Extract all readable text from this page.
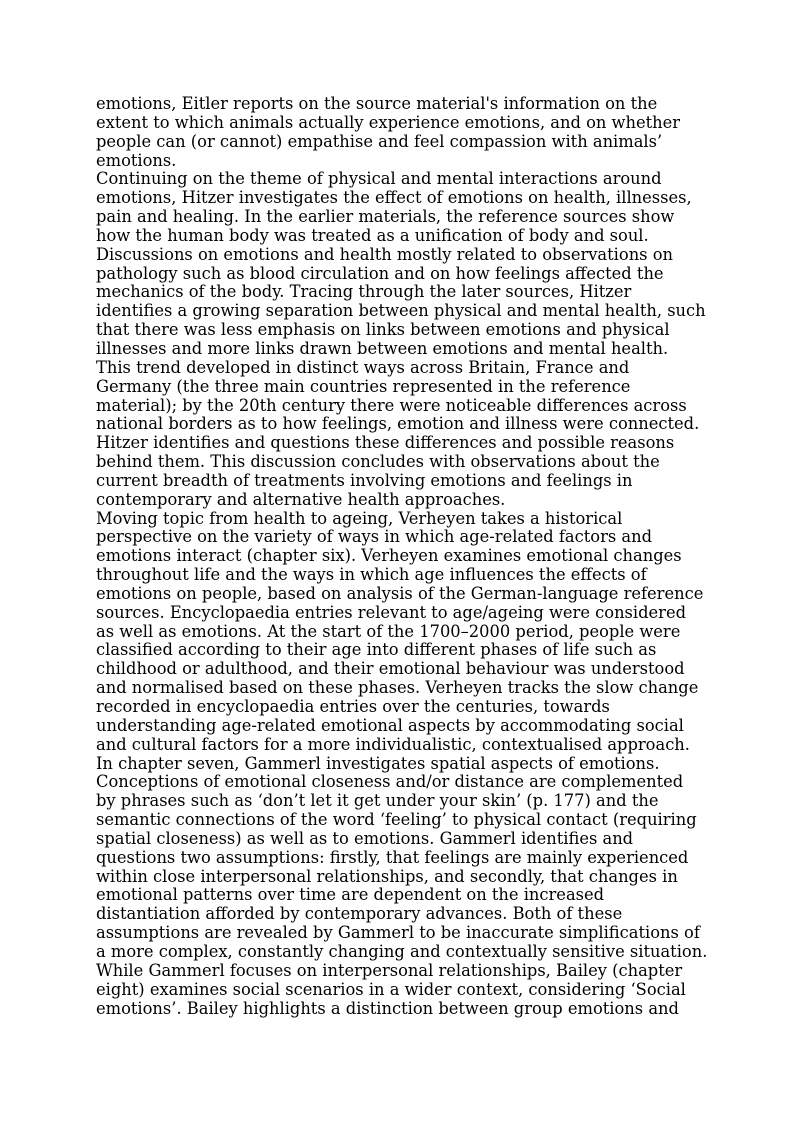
emotions, Eitler reports on the source material's information on the
extent to which animals actually experience emotions, and on whether
people can (or cannot) empathise and feel compassion with animals’
emotions.
Continuing on the theme of physical and mental interactions around
emotions, Hitzer investigates the effect of emotions on health, illnesses,
pain and healing. In the earlier materials, the reference sources show
how the human body was treated as a unification of body and soul.
Discussions on emotions and health mostly related to observations on
pathology such as blood circulation and on how feelings affected the
mechanics of the body. Tracing through the later sources, Hitzer
identifies a growing separation between physical and mental health, such
that there was less emphasis on links between emotions and physical
illnesses and more links drawn between emotions and mental health.
This trend developed in distinct ways across Britain, France and
Germany (the three main countries represented in the reference
material); by the 20th century there were noticeable differences across
national borders as to how feelings, emotion and illness were connected.
Hitzer identifies and questions these differences and possible reasons
behind them. This discussion concludes with observations about the
current breadth of treatments involving emotions and feelings in
contemporary and alternative health approaches.
Moving topic from health to ageing, Verheyen takes a historical
perspective on the variety of ways in which age-related factors and
emotions interact (chapter six). Verheyen examines emotional changes
throughout life and the ways in which age influences the effects of
emotions on people, based on analysis of the German-language reference
sources. Encyclopaedia entries relevant to age/ageing were considered
as well as emotions. At the start of the 1700–2000 period, people were
classified according to their age into different phases of life such as
childhood or adulthood, and their emotional behaviour was understood
and normalised based on these phases. Verheyen tracks the slow change
recorded in encyclopaedia entries over the centuries, towards
understanding age-related emotional aspects by accommodating social
and cultural factors for a more individualistic, contextualised approach.
In chapter seven, Gammerl investigates spatial aspects of emotions.
Conceptions of emotional closeness and/or distance are complemented
by phrases such as ‘don’t let it get under your skin’ (p. 177) and the
semantic connections of the word ‘feeling’ to physical contact (requiring
spatial closeness) as well as to emotions. Gammerl identifies and
questions two assumptions: firstly, that feelings are mainly experienced
within close interpersonal relationships, and secondly, that changes in
emotional patterns over time are dependent on the increased
distantiation afforded by contemporary advances. Both of these
assumptions are revealed by Gammerl to be inaccurate simplifications of
a more complex, constantly changing and contextually sensitive situation.
While Gammerl focuses on interpersonal relationships, Bailey (chapter
eight) examines social scenarios in a wider context, considering ‘Social
emotions’. Bailey highlights a distinction between group emotions and
